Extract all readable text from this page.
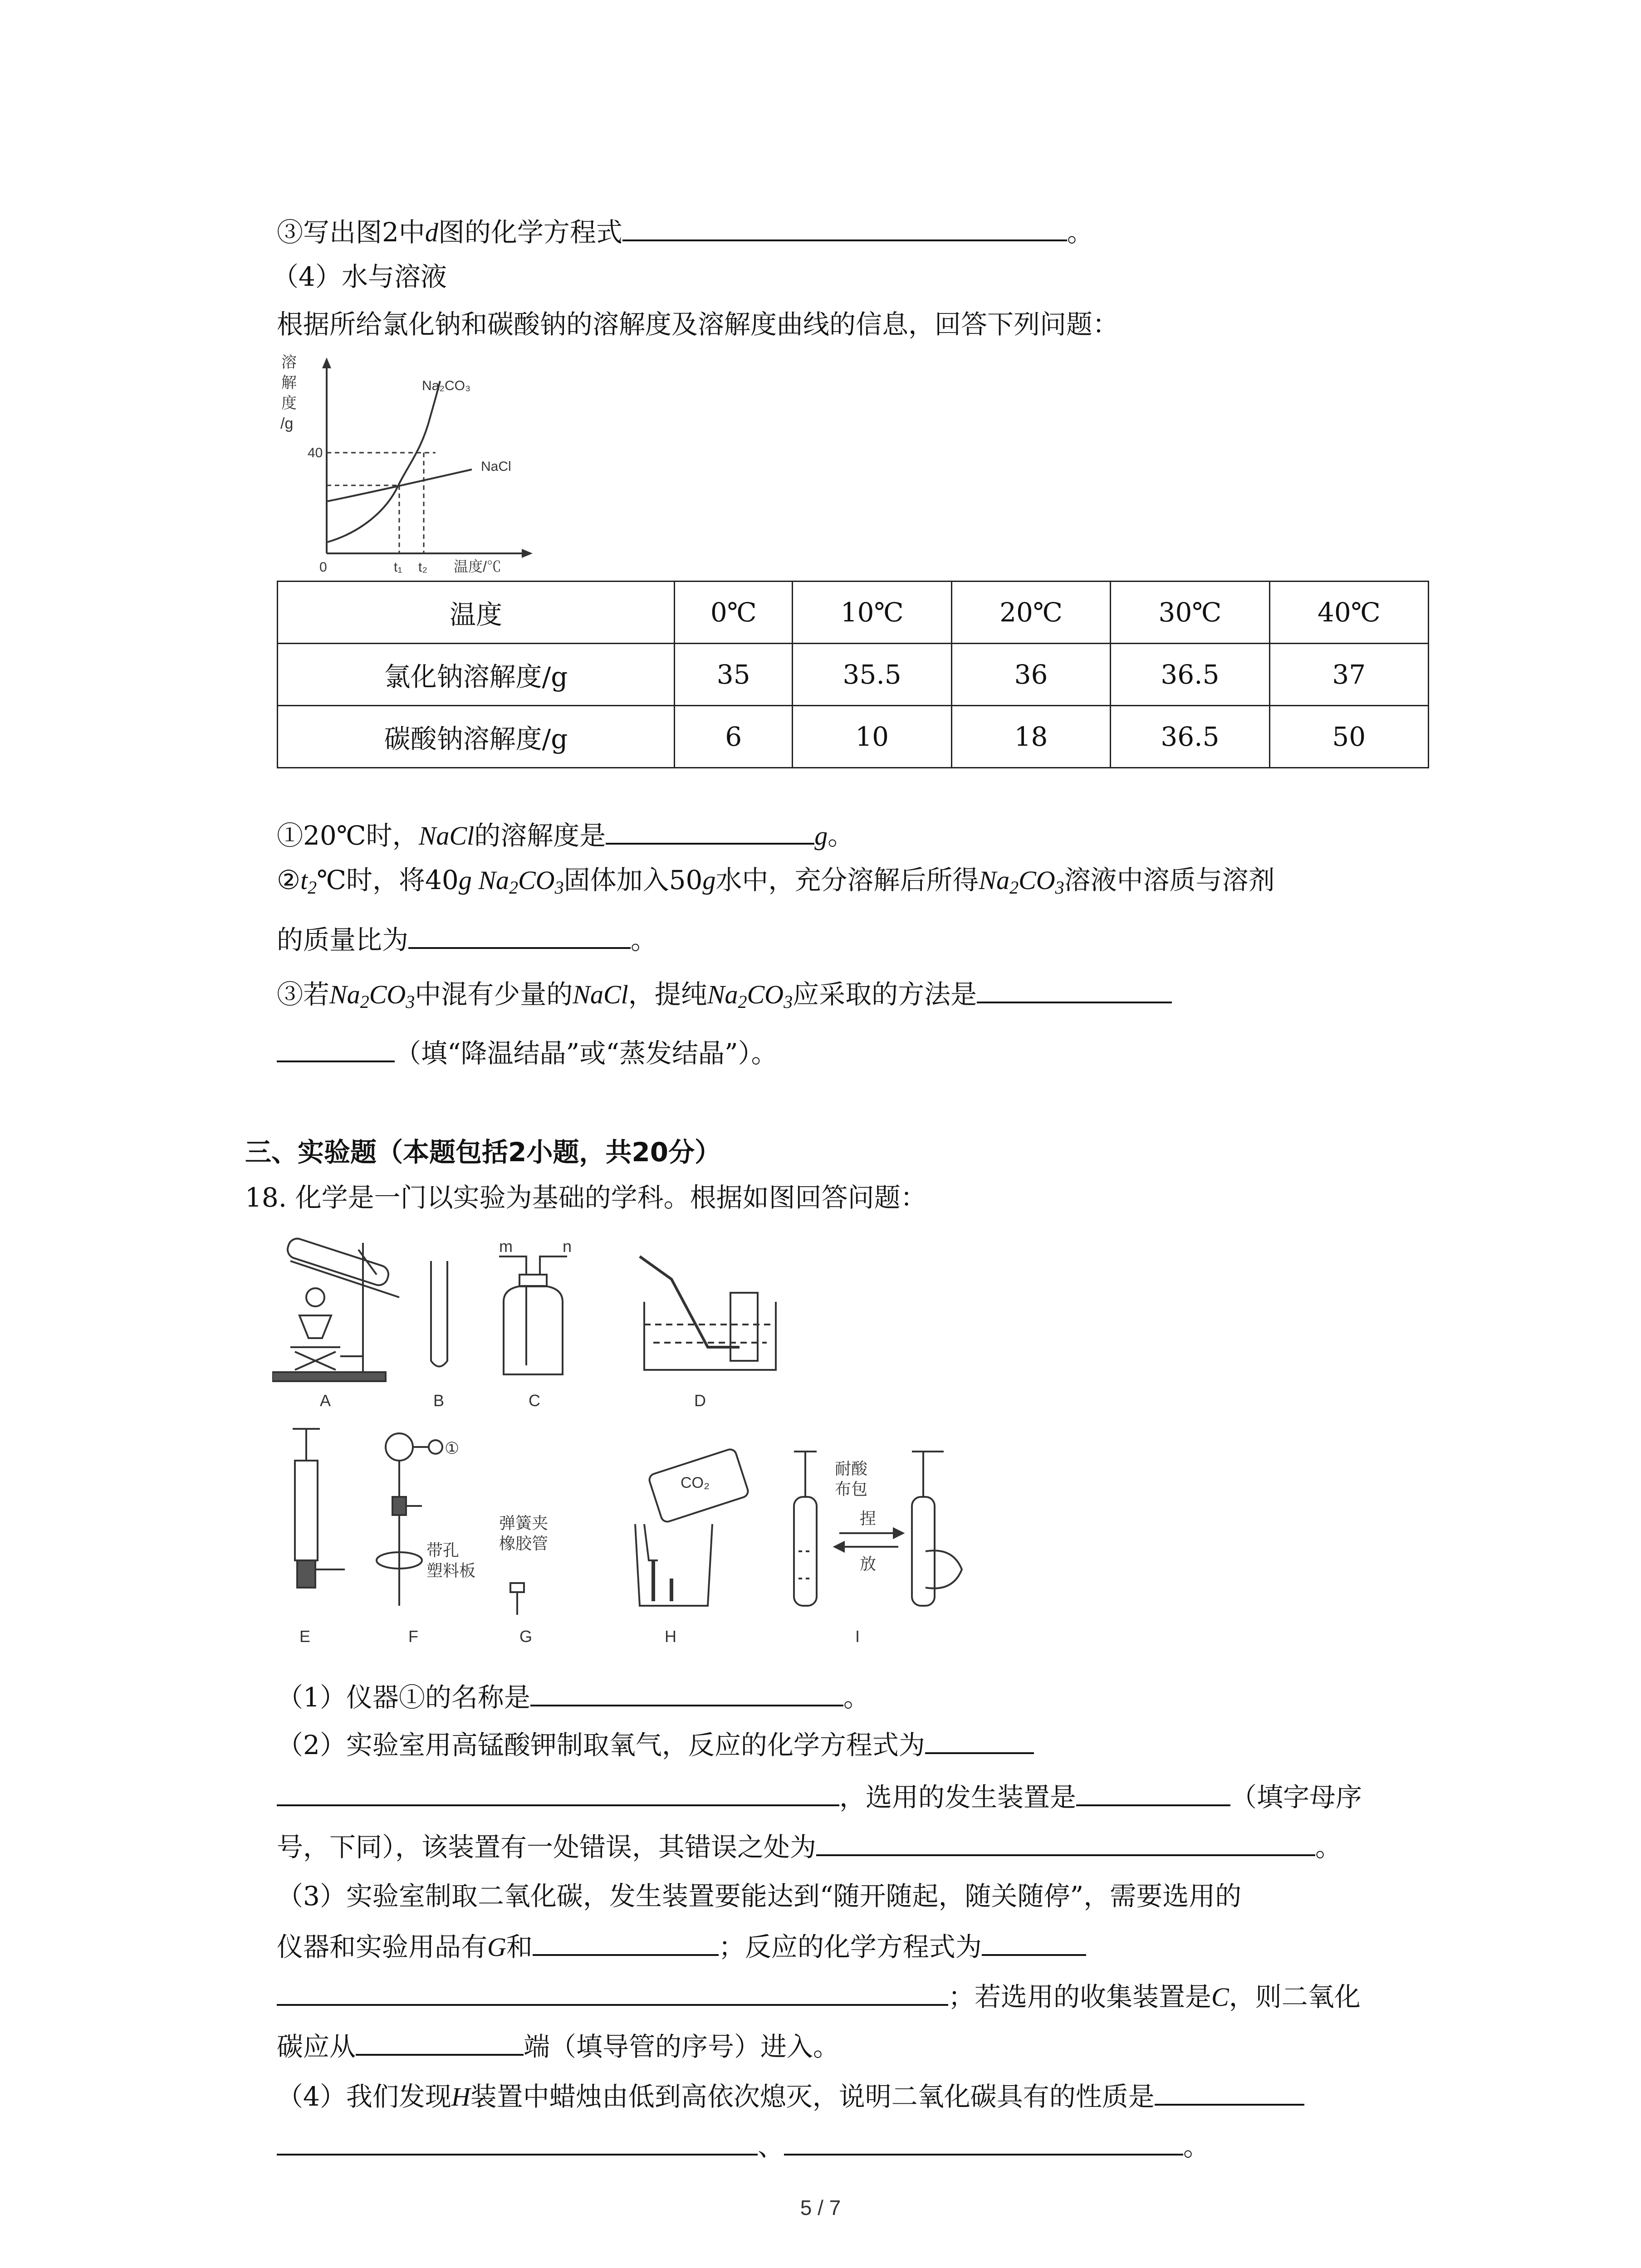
③写出图2中d图的化学方程式	。
（4）水与溶液
根据所给氯化钠和碳酸钠的溶解度及溶解度曲线的信息，回答下列问题：
溶
解
度
/g
0
40
t₁ t₂ 温度/℃
Na₂CO₃
NaCl
温度	0℃	10℃	20℃	30℃	40℃
氯化钠溶解度/g	35	35.5	36	36.5	37
碳酸钠溶解度/g	6	10	18	36.5	50
①20℃时，NaCl的溶解度是	g。
$②t_2℃$时，将40g $Na_2CO_3$固体加入50g水中，充分溶解后所得$Na_2CO_3$溶液中溶质与溶剂
的质量比为	。
③若$Na_2CO_3$中混有少量的NaCl，提纯$Na_2CO_3$应采取的方法是
（填“降温结晶”或“蒸发结晶”）。
三、实验题（本题包括2小题，共20分）
18. 化学是一门以实验为基础的学科。根据如图回答问题：
m	n
①
CO₂
带孔
塑料板
弹簧夹
橡胶管
耐酸
布包
捏
放
A	B	C	D
E	F	G	H	I
（1）仪器①的名称是	。
（2）实验室用高锰酸钾制取氧气，反应的化学方程式为
，选用的发生装置是	（填字母序
号，下同），该装置有一处错误，其错误之处为	。
（3）实验室制取二氧化碳，发生装置要能达到“随开随起，随关随停”，需要选用的
仪器和实验用品有G和	；反应的化学方程式为
；若选用的收集装置是C，则二氧化
碳应从	端（填导管的序号）进入。
（4）我们发现H装置中蜡烛由低到高依次熄灭，说明二氧化碳具有的性质是
、	。
5 / 7
